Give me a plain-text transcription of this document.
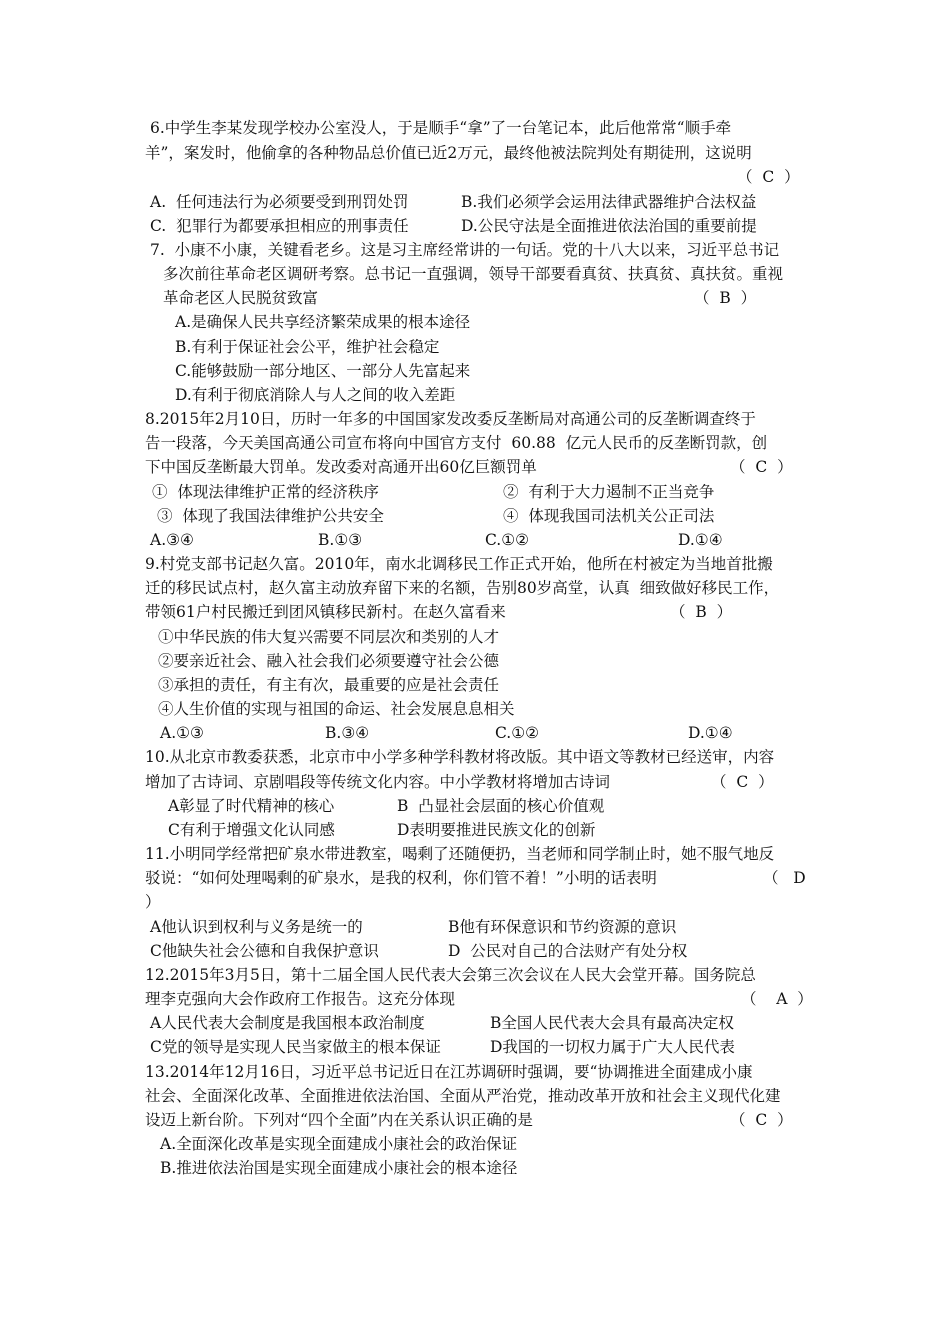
6.中学生李某发现学校办公室没人，于是顺手“拿”了一台笔记本，此后他常常“顺手牵
羊”，案发时，他偷拿的各种物品总价值已近2万元，最终他被法院判处有期徒刑，这说明
（  C  ）
A.  任何违法行为必须要受到刑罚处罚	B.我们必须学会运用法律武器维护合法权益
C.  犯罪行为都要承担相应的刑事责任	D.公民守法是全面推进依法治国的重要前提
7.  小康不小康，关键看老乡。这是习主席经常讲的一句话。党的十八大以来，习近平总书记
多次前往革命老区调研考察。总书记一直强调，领导干部要看真贫、扶真贫、真扶贫。重视
革命老区人民脱贫致富	（  B  ）
A.是确保人民共享经济繁荣成果的根本途径
B.有利于保证社会公平，维护社会稳定
C.能够鼓励一部分地区、一部分人先富起来
D.有利于彻底消除人与人之间的收入差距
8.2015年2月10日，历时一年多的中国国家发改委反垄断局对高通公司的反垄断调查终于
告一段落，今天美国高通公司宣布将向中国官方支付  60.88  亿元人民币的反垄断罚款，创
下中国反垄断最大罚单。发改委对高通开出60亿巨额罚单	（  C  ）
①  体现法律维护正常的经济秩序	②  有利于大力遏制不正当竞争
③  体现了我国法律维护公共安全	④  体现我国司法机关公正司法
A.③④	B.①③	C.①②	D.①④
9.村党支部书记赵久富。2010年，南水北调移民工作正式开始，他所在村被定为当地首批搬
迁的移民试点村，赵久富主动放弃留下来的名额，告别80岁高堂，认真  细致做好移民工作，
带领61户村民搬迁到团风镇移民新村。在赵久富看来	（  B  ）
①中华民族的伟大复兴需要不同层次和类别的人才
②要亲近社会、融入社会我们必须要遵守社会公德
③承担的责任，有主有次，最重要的应是社会责任
④人生价值的实现与祖国的命运、社会发展息息相关
A.①③	B.③④	C.①②	D.①④
10.从北京市教委获悉，北京市中小学多种学科教材将改版。其中语文等教材已经送审，内容
增加了古诗词、京剧唱段等传统文化内容。中小学教材将增加古诗词	（  C  ）
A彰显了时代精神的核心	B  凸显社会层面的核心价值观
C有利于增强文化认同感	D表明要推进民族文化的创新
11.小明同学经常把矿泉水带进教室，喝剩了还随便扔，当老师和同学制止时，她不服气地反
驳说：“如何处理喝剩的矿泉水，是我的权利，你们管不着！”小明的话表明	（   D
）
A他认识到权利与义务是统一的	B他有环保意识和节约资源的意识
C他缺失社会公德和自我保护意识	D  公民对自己的合法财产有处分权
12.2015年3月5日，第十二届全国人民代表大会第三次会议在人民大会堂开幕。国务院总
理李克强向大会作政府工作报告。这充分体现	（    A  ）
A人民代表大会制度是我国根本政治制度	B全国人民代表大会具有最高决定权
C党的领导是实现人民当家做主的根本保证	D我国的一切权力属于广大人民代表
13.2014年12月16日，习近平总书记近日在江苏调研时强调，要“协调推进全面建成小康
社会、全面深化改革、全面推进依法治国、全面从严治党，推动改革开放和社会主义现代化建
设迈上新台阶。下列对“四个全面”内在关系认识正确的是	（  C  ）
A.全面深化改革是实现全面建成小康社会的政治保证
B.推进依法治国是实现全面建成小康社会的根本途径
